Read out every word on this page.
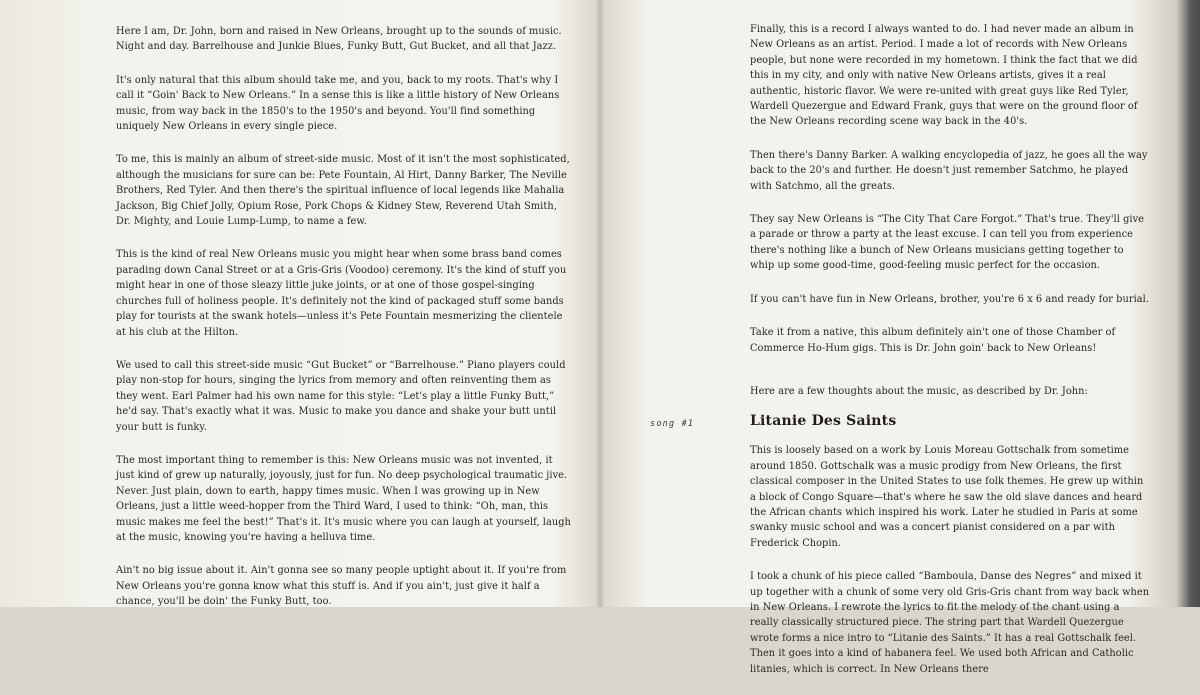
Here I am, Dr. John, born and raised in New Orleans, brought up to the sounds of music. Night and day. Barrelhouse and Junkie Blues, Funky Butt, Gut Bucket, and all that Jazz.

It's only natural that this album should take me, and you, back to my roots. That's why I call it “Goin' Back to New Orleans.” In a sense this is like a little history of New Orleans music, from way back in the 1850's to the 1950's and beyond. You'll find something uniquely New Orleans in every single piece.

To me, this is mainly an album of street-side music. Most of it isn't the most sophisticated, although the musicians for sure can be: Pete Fountain, Al Hirt, Danny Barker, The Neville Brothers, Red Tyler. And then there's the spiritual influence of local legends like Mahalia Jackson, Big Chief Jolly, Opium Rose, Pork Chops & Kidney Stew, Reverend Utah Smith, Dr. Mighty, and Louie Lump-Lump, to name a few.

This is the kind of real New Orleans music you might hear when some brass band comes parading down Canal Street or at a Gris-Gris (Voodoo) ceremony. It's the kind of stuff you might hear in one of those sleazy little juke joints, or at one of those gospel-singing churches full of holiness people. It's definitely not the kind of packaged stuff some bands play for tourists at the swank hotels—unless it's Pete Fountain mesmerizing the clientele at his club at the Hilton.

We used to call this street-side music “Gut Bucket” or “Barrelhouse.” Piano players could play non-stop for hours, singing the lyrics from memory and often reinventing them as they went. Earl Palmer had his own name for this style: “Let's play a little Funky Butt,” he'd say. That's exactly what it was. Music to make you dance and shake your butt until your butt is funky.

The most important thing to remember is this: New Orleans music was not invented, it just kind of grew up naturally, joyously, just for fun. No deep psychological traumatic jive. Never. Just plain, down to earth, happy times music. When I was growing up in New Orleans, just a little weed-hopper from the Third Ward, I used to think: “Oh, man, this music makes me feel the best!” That's it. It's music where you can laugh at yourself, laugh at the music, knowing you're having a helluva time.

Ain't no big issue about it. Ain't gonna see so many people uptight about it. If you're from New Orleans you're gonna know what this stuff is. And if you ain't, just give it half a chance, you'll be doin' the Funky Butt, too.

Finally, this is a record I always wanted to do. I had never made an album in New Orleans as an artist. Period. I made a lot of records with New Orleans people, but none were recorded in my hometown. I think the fact that we did this in my city, and only with native New Orleans artists, gives it a real authentic, historic flavor. We were re-united with great guys like Red Tyler, Wardell Quezergue and Edward Frank, guys that were on the ground floor of the New Orleans recording scene way back in the 40's.

Then there's Danny Barker. A walking encyclopedia of jazz, he goes all the way back to the 20's and further. He doesn't just remember Satchmo, he played with Satchmo, all the greats.

They say New Orleans is “The City That Care Forgot.” That's true. They'll give a parade or throw a party at the least excuse. I can tell you from experience there's nothing like a bunch of New Orleans musicians getting together to whip up some good-time, good-feeling music perfect for the occasion.

If you can't have fun in New Orleans, brother, you're 6 x 6 and ready for burial.

Take it from a native, this album definitely ain't one of those Chamber of Commerce Ho-Hum gigs. This is Dr. John goin' back to New Orleans!

Here are a few thoughts about the music, as described by Dr. John:

song #1	Litanie Des Saints

This is loosely based on a work by Louis Moreau Gottschalk from sometime around 1850. Gottschalk was a music prodigy from New Orleans, the first classical composer in the United States to use folk themes. He grew up within a block of Congo Square—that's where he saw the old slave dances and heard the African chants which inspired his work. Later he studied in Paris at some swanky music school and was a concert pianist considered on a par with Frederick Chopin.

I took a chunk of his piece called “Bamboula, Danse des Negres” and mixed it up together with a chunk of some very old Gris-Gris chant from way back when in New Orleans. I rewrote the lyrics to fit the melody of the chant using a really classically structured piece. The string part that Wardell Quezergue wrote forms a nice intro to “Litanie des Saints.” It has a real Gottschalk feel. Then it goes into a kind of habanera feel. We used both African and Catholic litanies, which is correct. In New Orleans there
